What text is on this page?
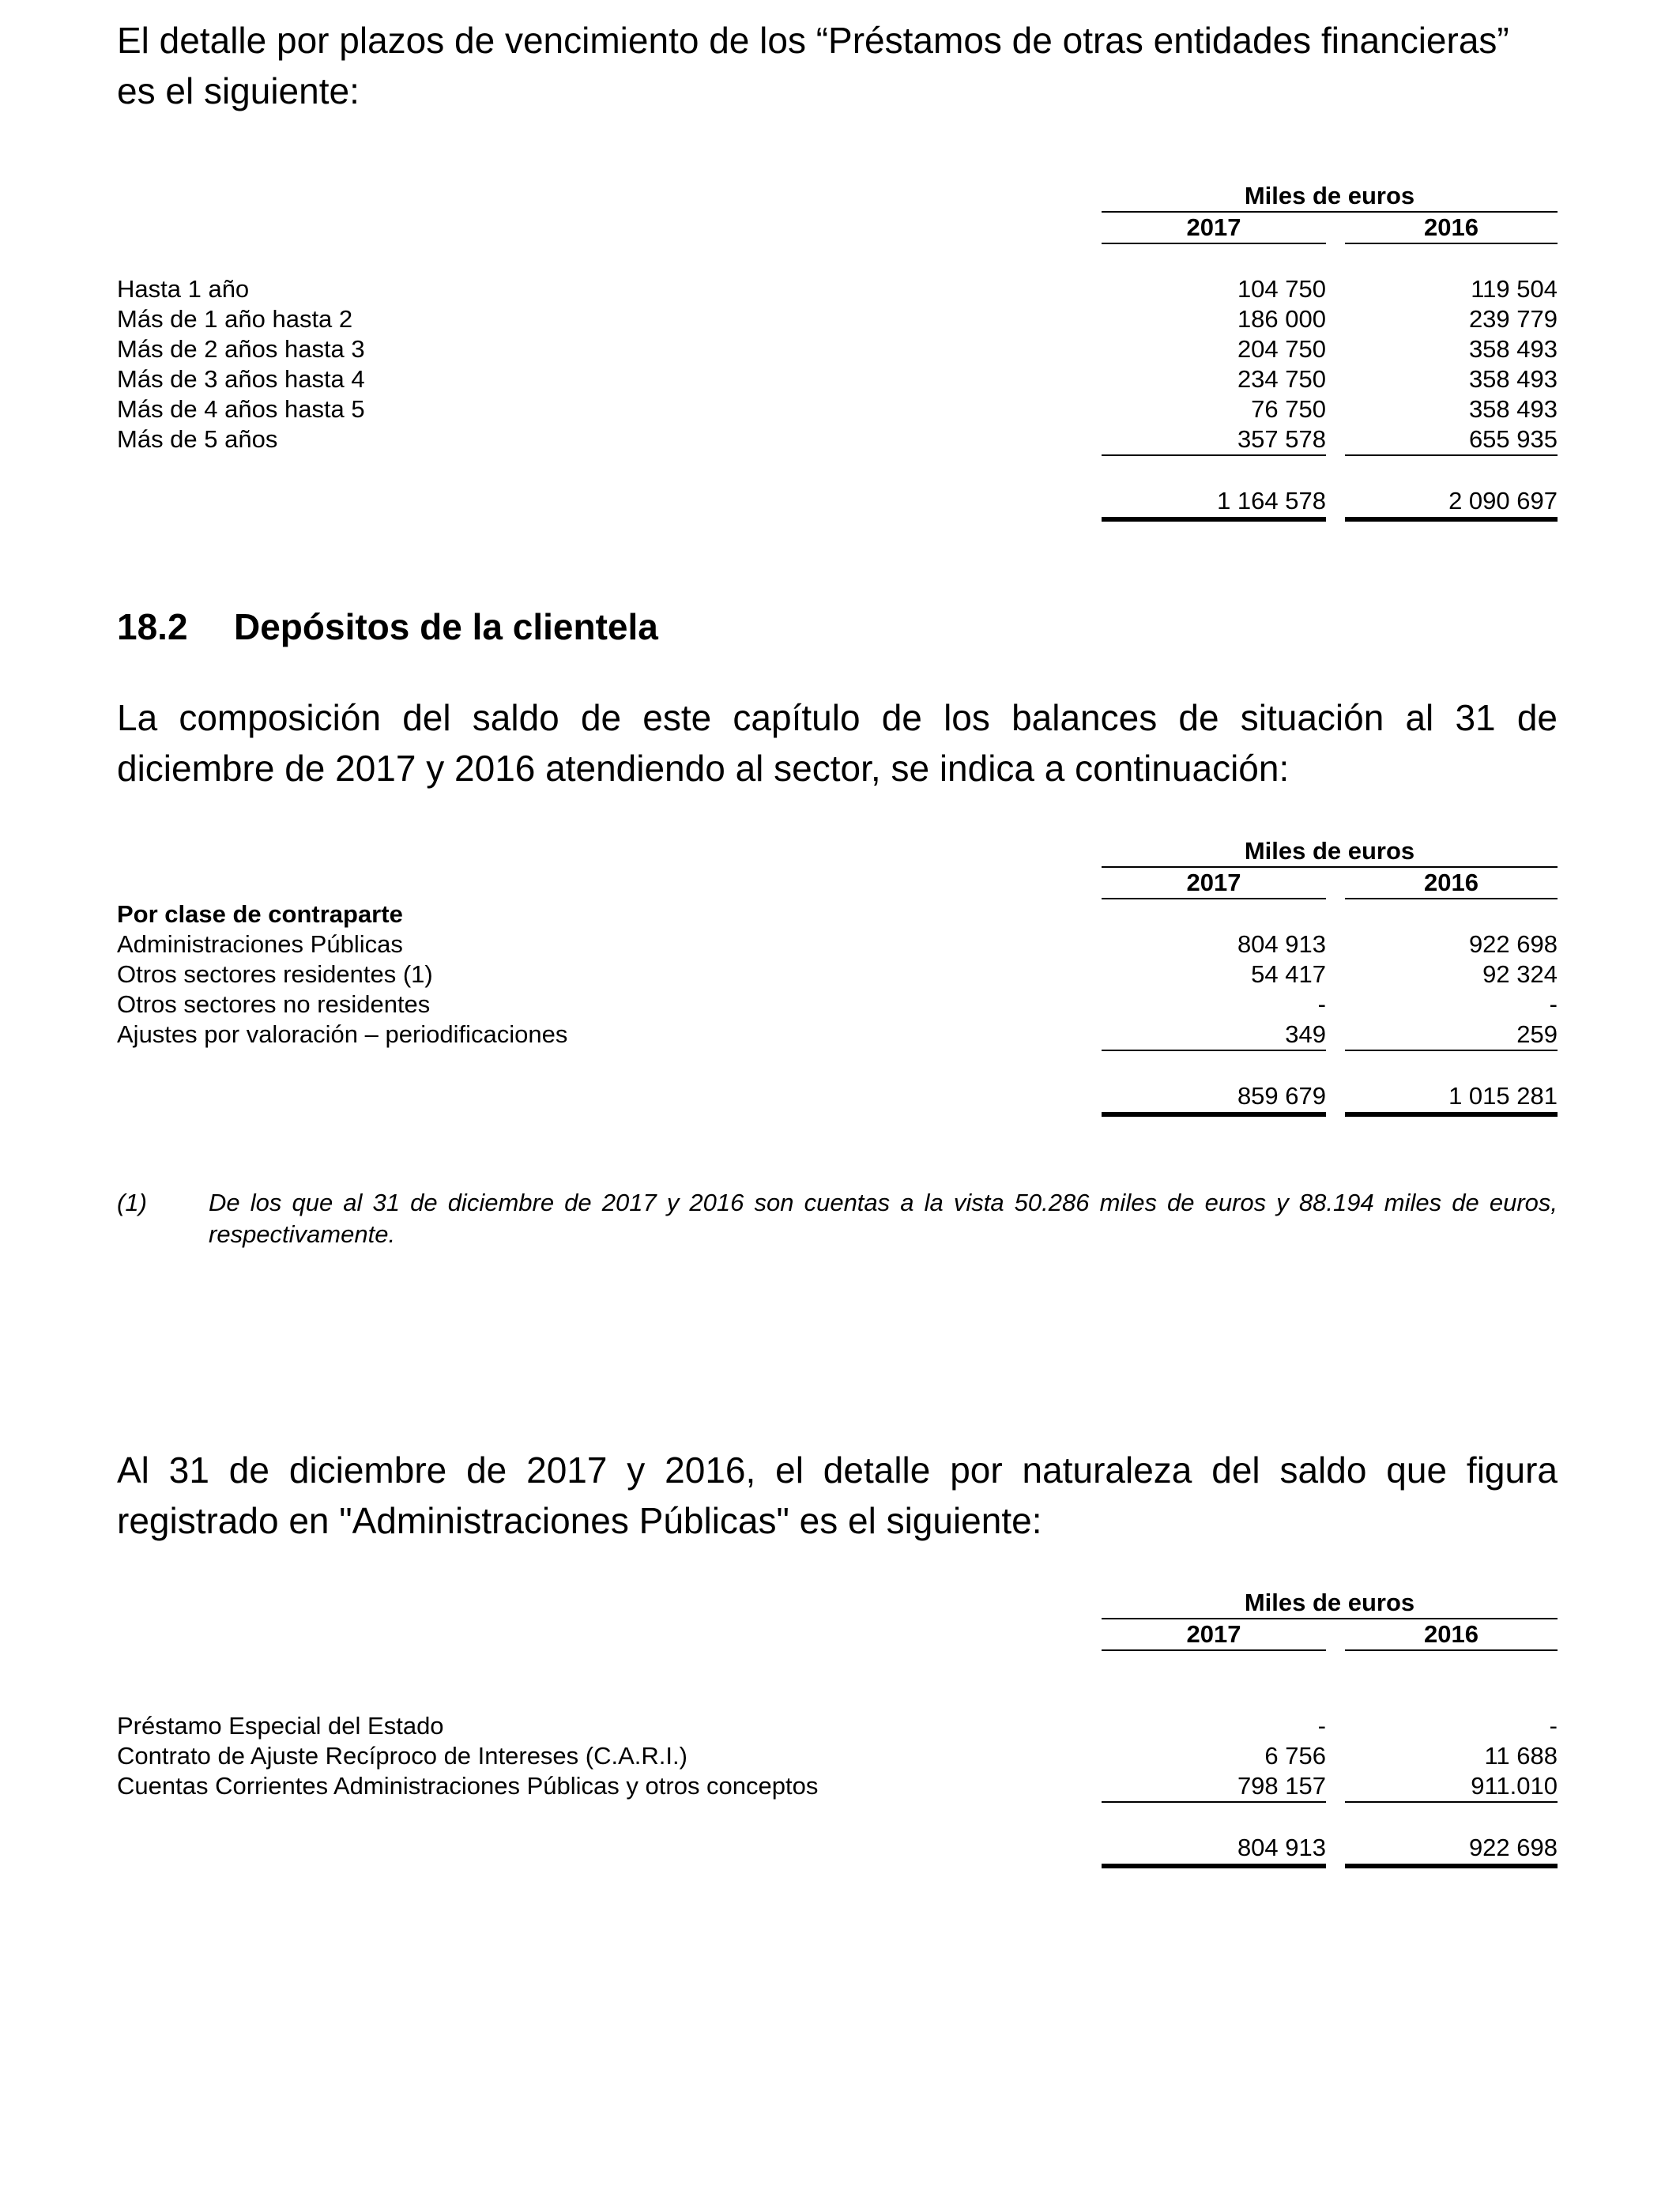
El detalle por plazos de vencimiento de los “Préstamos de otras entidades financieras” es el siguiente:

Miles de euros
2017	2016
Hasta 1 año	104 750	119 504
Más de 1 año hasta 2	186 000	239 779
Más de 2 años hasta 3	204 750	358 493
Más de 3 años hasta 4	234 750	358 493
Más de 4 años hasta 5	76 750	358 493
Más de 5 años	357 578	655 935
1 164 578	2 090 697
18.2 Depósitos de la clientela

La composición del saldo de este capítulo de los balances de situación al 31 de diciembre de 2017 y 2016 atendiendo al sector, se indica a continuación:

Miles de euros
2017	2016
Por clase de contraparte
Administraciones Públicas	804 913	922 698
Otros sectores residentes (1)	54 417	92 324
Otros sectores no residentes	-	-
Ajustes por valoración – periodificaciones	349	259
859 679	1 015 281
(1)	De los que al 31 de diciembre de 2017 y 2016 son cuentas a la vista 50.286 miles de euros y 88.194 miles de euros, respectivamente.

Al 31 de diciembre de 2017 y 2016, el detalle por naturaleza del saldo que figura registrado en "Administraciones Públicas" es el siguiente:

Miles de euros
2017	2016
Préstamo Especial del Estado	-	-
Contrato de Ajuste Recíproco de Intereses (C.A.R.I.)	6 756	11 688
Cuentas Corrientes Administraciones Públicas y otros conceptos	798 157	911.010
804 913	922 698
